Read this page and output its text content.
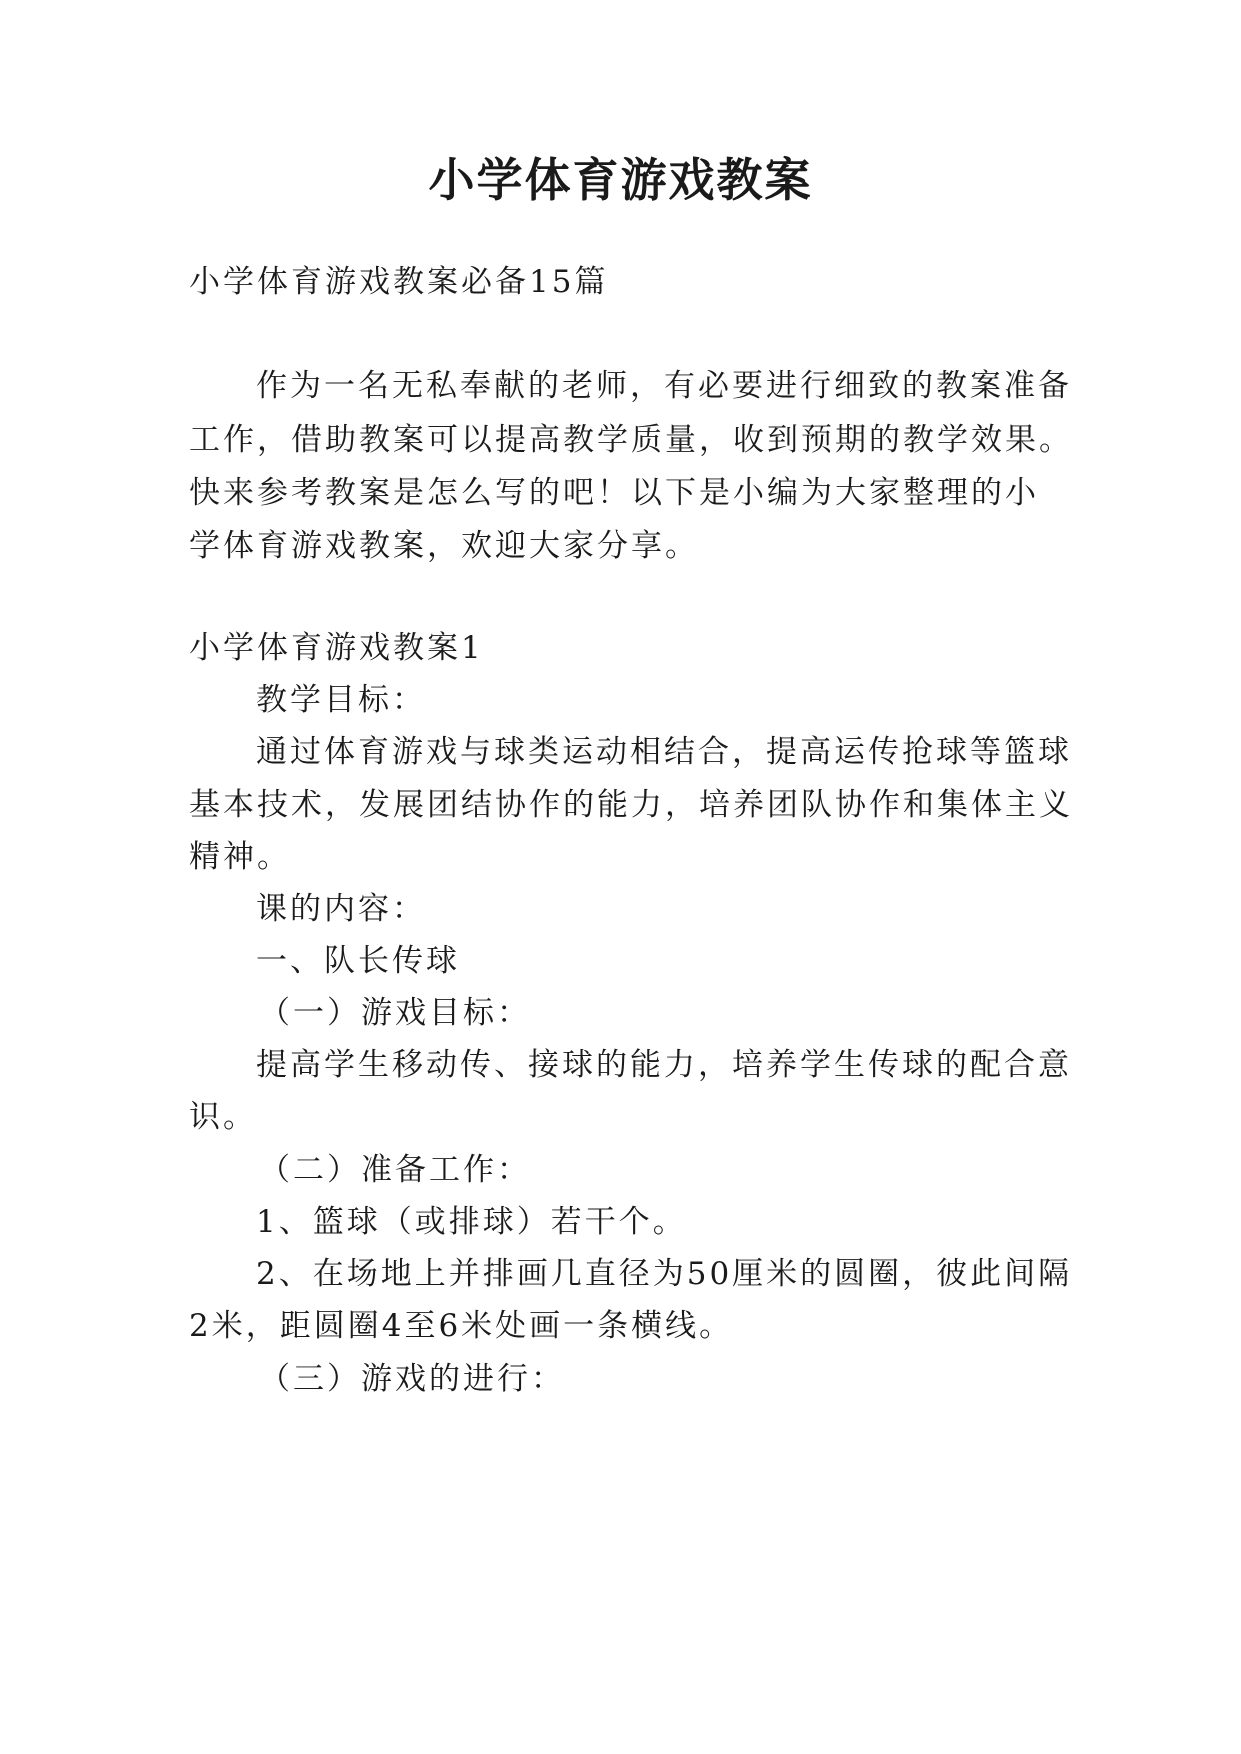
小学体育游戏教案
小学体育游戏教案必备15篇
作为一名无私奉献的老师，有必要进行细致的教案准备
工作，借助教案可以提高教学质量，收到预期的教学效果。
快来参考教案是怎么写的吧！以下是小编为大家整理的小
学体育游戏教案，欢迎大家分享。
小学体育游戏教案1
教学目标：
通过体育游戏与球类运动相结合，提高运传抢球等篮球
基本技术，发展团结协作的能力，培养团队协作和集体主义
精神。
课的内容：
一、队长传球
（一）游戏目标：
提高学生移动传、接球的能力，培养学生传球的配合意
识。
（二）准备工作：
1、篮球（或排球）若干个。
2、在场地上并排画几直径为50厘米的圆圈，彼此间隔
2米，距圆圈4至6米处画一条横线。
（三）游戏的进行：
